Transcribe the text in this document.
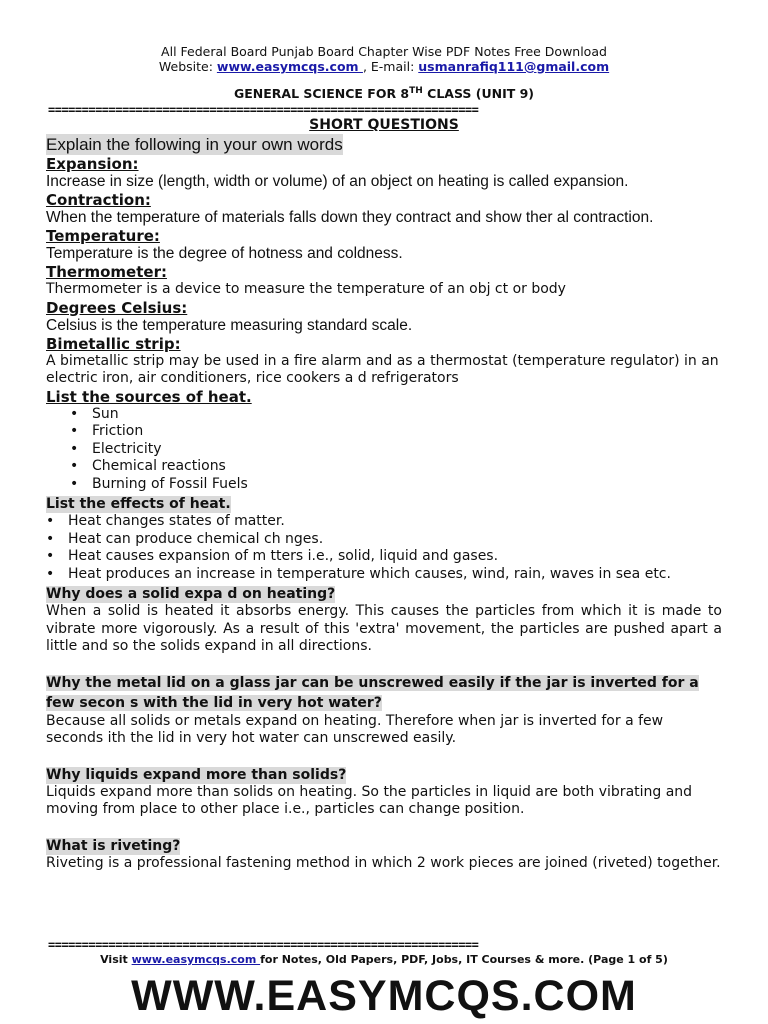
All Federal Board Punjab Board Chapter Wise PDF Notes Free Download
Website: www.easymcqs.com , E-mail: usmanrafiq111@gmail.com
GENERAL SCIENCE FOR 8TH CLASS (UNIT 9)
================================================================
SHORT QUESTIONS
Explain the following in your own words
Expansion:
Increase in size (length, width or volume) of an object on heating is called expansion.
Contraction:
When the temperature of materials falls down they contract and show ther al contraction.
Temperature:
Temperature is the degree of hotness and coldness.
Thermometer:
Thermometer is a device to measure the temperature of an obj ct or body
Degrees Celsius:
Celsius is the temperature measuring standard scale.
Bimetallic strip:
A bimetallic strip may be used in a fire alarm and as a thermostat (temperature regulator) in an electric iron, air conditioners, rice cookers a d refrigerators
List the sources of heat.
• Sun
• Friction
• Electricity
• Chemical reactions
• Burning of Fossil Fuels
List the effects of heat.
• Heat changes states of matter.
• Heat can produce chemical ch nges.
• Heat causes expansion of m tters i.e., solid, liquid and gases.
• Heat produces an increase in temperature which causes, wind, rain, waves in sea etc.
Why does a solid expa d on heating?
When a solid is heated it absorbs energy. This causes the particles from which it is made to vibrate more vigorously. As a result of this 'extra' movement, the particles are pushed apart a little and so the solids expand in all directions.
Why the metal lid on a glass jar can be unscrewed easily if the jar is inverted for a few secon s with the lid in very hot water?
Because all solids or metals expand on heating. Therefore when jar is inverted for a few seconds ith the lid in very hot water can unscrewed easily.
Why liquids expand more than solids?
Liquids expand more than solids on heating. So the particles in liquid are both vibrating and moving from place to other place i.e., particles can change position.
What is riveting?
Riveting is a professional fastening method in which 2 work pieces are joined (riveted) together.
================================================================
Visit www.easymcqs.com for Notes, Old Papers, PDF, Jobs, IT Courses & more. (Page 1 of 5)
WWW.EASYMCQS.COM
